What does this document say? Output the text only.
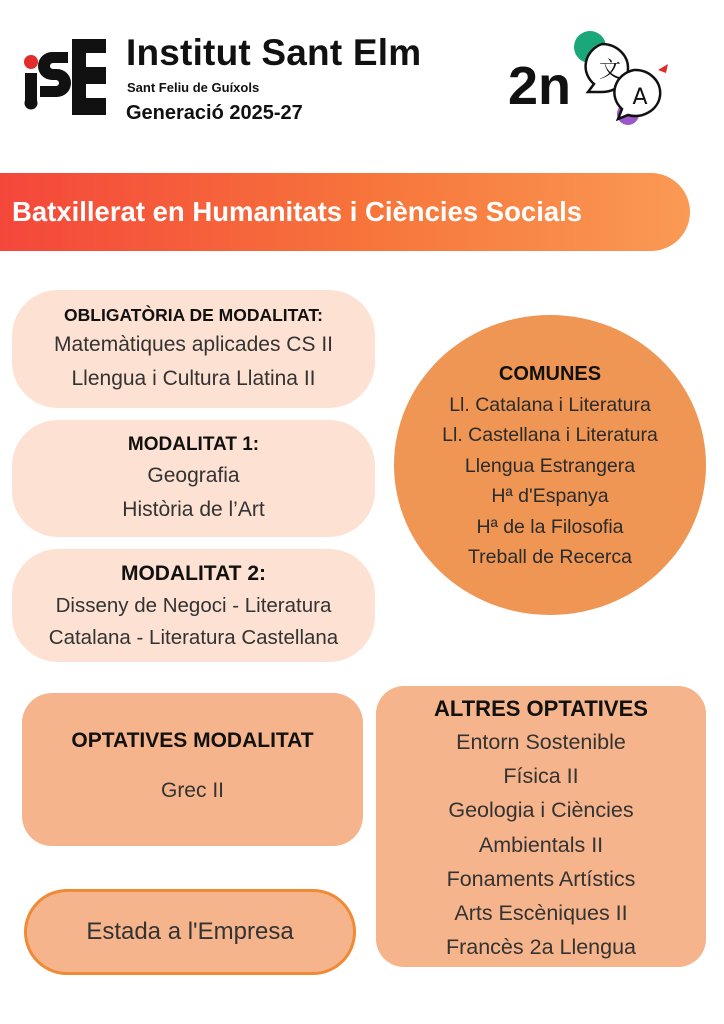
Institut Sant Elm
Sant Feliu de Guíxols
Generació 2025-27
文
A
2n
Batxillerat en Humanitats i Ciències Socials
OBLIGATÒRIA DE MODALITAT:
Matemàtiques aplicades CS II
Llengua i Cultura Llatina II
MODALITAT 1:
Geografia
Història de l’Art
MODALITAT 2:
Disseny de Negoci - Literatura
Catalana - Literatura Castellana
COMUNES
Ll. Catalana i Literatura
Ll. Castellana i Literatura
Llengua Estrangera
Hª d'Espanya
Hª de la Filosofia
Treball de Recerca
OPTATIVES MODALITAT
Grec II
Estada a l'Empresa
ALTRES OPTATIVES
Entorn Sostenible
Física II
Geologia i Ciències
Ambientals II
Fonaments Artístics
Arts Escèniques II
Francès 2a Llengua
